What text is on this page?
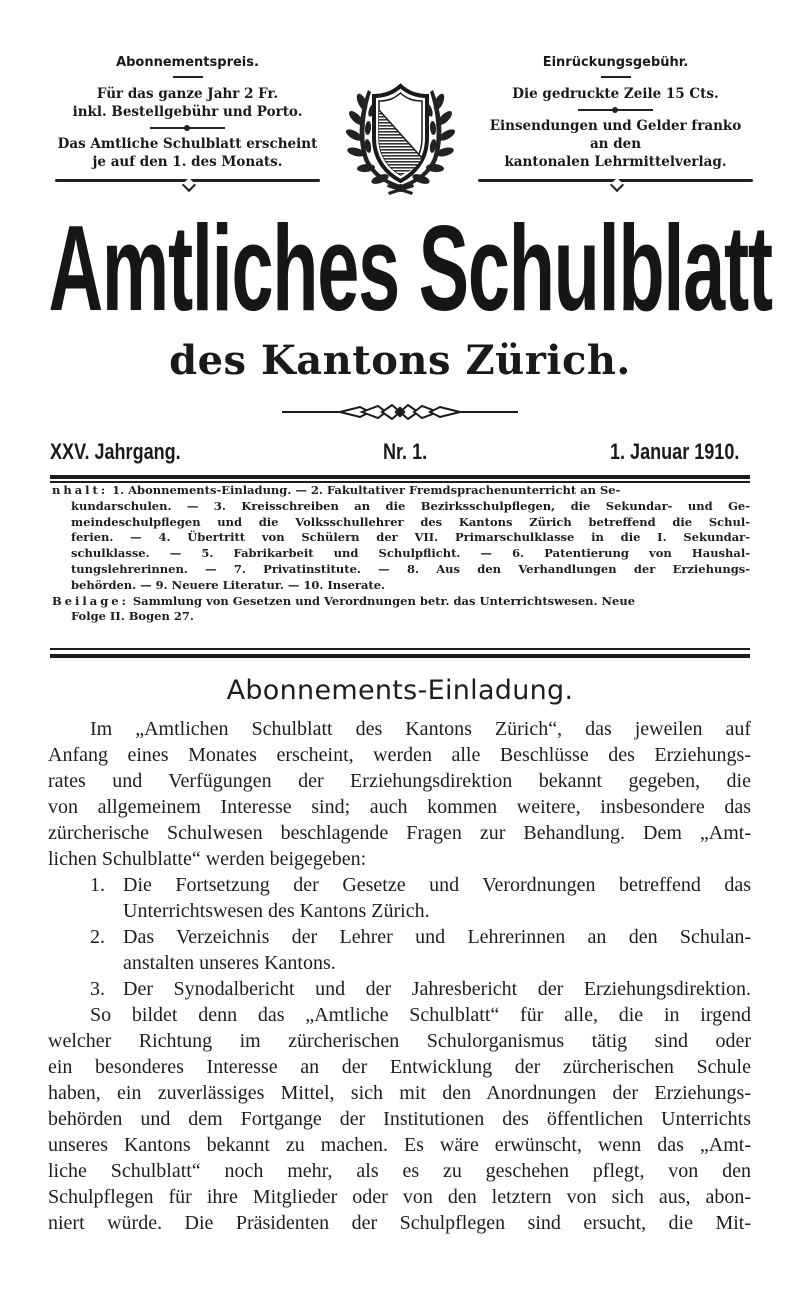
Abonnementspreis.
Für das ganze Jahr 2 Fr.
inkl. Bestellgebühr und Porto.
Das Amtliche Schulblatt erscheint
je auf den 1. des Monats.
Einrückungsgebühr.
Die gedruckte Zeile 15 Cts.
Einsendungen und Gelder franko
an den
kantonalen Lehrmittelverlag.
Amtliches Schulblatt
des Kantons Zürich.
XXV. Jahrgang.	Nr. 1.	1. Januar 1910.

nhalt: 1. Abonnements-Einladung. — 2. Fakultativer Fremdsprachenunterricht an Se-

kundarschulen. — 3. Kreisschreiben an die Bezirksschulpflegen, die Sekundar- und Ge-
meindeschulpflegen und die Volksschullehrer des Kantons Zürich betreffend die Schul-
ferien. — 4. Übertritt von Schülern der VII. Primarschulklasse in die I. Sekundar-
schulklasse. — 5. Fabrikarbeit und Schulpflicht. — 6. Patentierung von Haushal-
tungslehrerinnen. — 7. Privatinstitute. — 8. Aus den Verhandlungen der Erziehungs-
behörden. — 9. Neuere Literatur. — 10. Inserate.

Beilage: Sammlung von Gesetzen und Verordnungen betr. das Unterrichtswesen. Neue

Folge II. Bogen 27.

Abonnements-Einladung.

Im „Amtlichen Schulblatt des Kantons Zürich“, das jeweilen auf
Anfang eines Monates erscheint, werden alle Beschlüsse des Erziehungs-
rates und Verfügungen der Erziehungsdirektion bekannt gegeben, die
von allgemeinem Interesse sind; auch kommen weitere, insbesondere das
zürcherische Schulwesen beschlagende Fragen zur Behandlung. Dem „Amt-
lichen Schulblatte“ werden beigegeben:

1. Die Fortsetzung der Gesetze und Verordnungen betreffend das
Unterrichtswesen des Kantons Zürich.
2. Das Verzeichnis der Lehrer und Lehrerinnen an den Schulan-
anstalten unseres Kantons.
3. Der Synodalbericht und der Jahresbericht der Erziehungsdirektion.

So bildet denn das „Amtliche Schulblatt“ für alle, die in irgend
welcher Richtung im zürcherischen Schulorganismus tätig sind oder
ein besonderes Interesse an der Entwicklung der zürcherischen Schule
haben, ein zuverlässiges Mittel, sich mit den Anordnungen der Erziehungs-
behörden und dem Fortgange der Institutionen des öffentlichen Unterrichts
unseres Kantons bekannt zu machen. Es wäre erwünscht, wenn das „Amt-
liche Schulblatt“ noch mehr, als es zu geschehen pflegt, von den
Schulpflegen für ihre Mitglieder oder von den letztern von sich aus, abon-
niert würde. Die Präsidenten der Schulpflegen sind ersucht, die Mit-
